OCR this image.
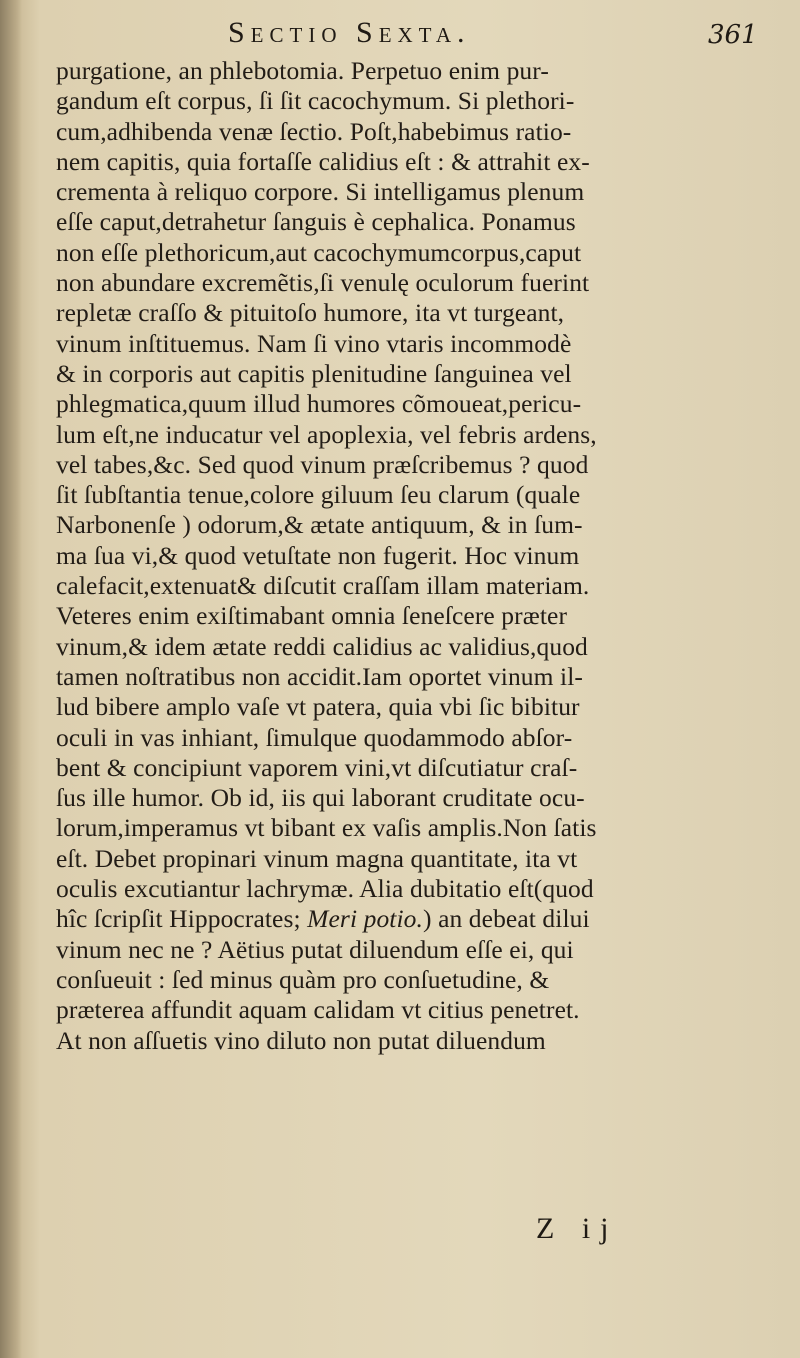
Sectio Sexta.	361
purgatione, an phlebotomia. Perpetuo enim pur-
gandum eſt corpus, ſi ſit cacochymum. Si plethori-
cum,adhibenda venæ ſectio. Poſt,habebimus ratio-
nem capitis, quia fortaſſe calidius eſt : & attrahit ex-
crementa à reliquo corpore. Si intelligamus plenum
eſſe caput,detrahetur ſanguis è cephalica. Ponamus
non eſſe plethoricum,aut cacochymumcorpus,caput
non abundare excremẽtis,ſi venulę oculorum fuerint
repletæ craſſo & pituitoſo humore, ita vt turgeant,
vinum inſtituemus. Nam ſi vino vtaris incommodè
& in corporis aut capitis plenitudine ſanguinea vel
phlegmatica,quum illud humores cõmoueat,pericu-
lum eſt,ne inducatur vel apoplexia, vel febris ardens,
vel tabes,&c. Sed quod vinum præſcribemus ? quod
ſit ſubſtantia tenue,colore giluum ſeu clarum (quale
Narbonenſe ) odorum,& ætate antiquum, & in ſum-
ma ſua vi,& quod vetuſtate non fugerit. Hoc vinum
calefacit,extenuat& diſcutit craſſam illam materiam.
Veteres enim exiſtimabant omnia ſeneſcere præter
vinum,& idem ætate reddi calidius ac validius,quod
tamen noſtratibus non accidit.Iam oportet vinum il-
lud bibere amplo vaſe vt patera, quia vbi ſic bibitur
oculi in vas inhiant, ſimulque quodammodo abſor-
bent & concipiunt vaporem vini,vt diſcutiatur craſ-
ſus ille humor. Ob id, iis qui laborant cruditate ocu-
lorum,imperamus vt bibant ex vaſis amplis.Non ſatis
eſt. Debet propinari vinum magna quantitate, ita vt
oculis excutiantur lachrymæ. Alia dubitatio eſt(quod
hîc ſcripſit Hippocrates; Meri potio.) an debeat dilui
vinum nec ne ? Aëtius putat diluendum eſſe ei, qui
conſueuit : ſed minus quàm pro conſuetudine, &
præterea affundit aquam calidam vt citius penetret.
At non aſſuetis vino diluto non putat diluendum
Z ij
